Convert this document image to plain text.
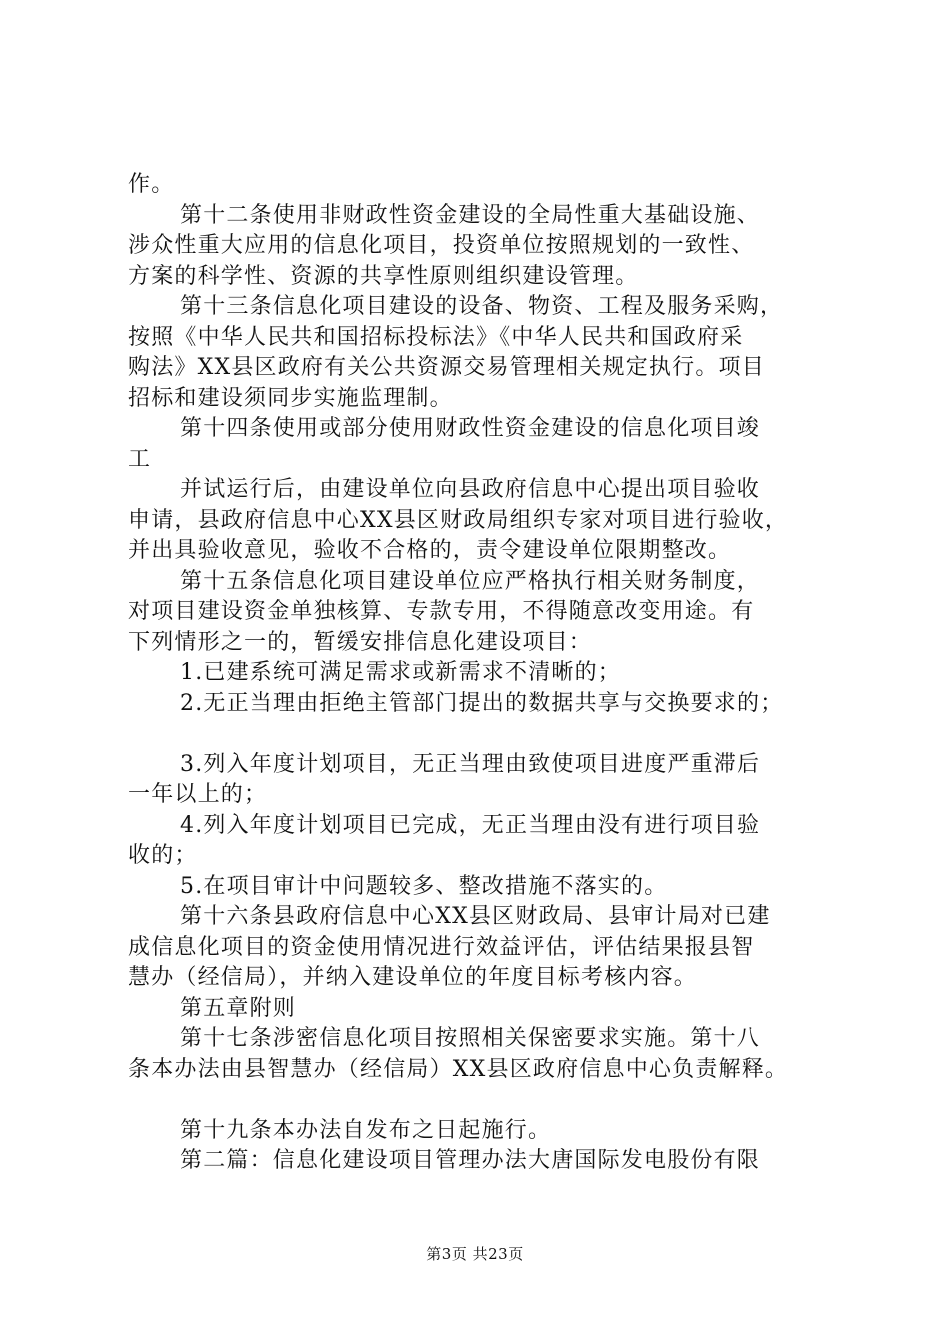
作。
第十二条使用非财政性资金建设的全局性重大基础设施、
涉众性重大应用的信息化项目，投资单位按照规划的一致性、
方案的科学性、资源的共享性原则组织建设管理。
第十三条信息化项目建设的设备、物资、工程及服务采购，
按照《中华人民共和国招标投标法》《中华人民共和国政府采
购法》XX县区政府有关公共资源交易管理相关规定执行。项目
招标和建设须同步实施监理制。
第十四条使用或部分使用财政性资金建设的信息化项目竣
工
并试运行后，由建设单位向县政府信息中心提出项目验收
申请，县政府信息中心XX县区财政局组织专家对项目进行验收，
并出具验收意见，验收不合格的，责令建设单位限期整改。
第十五条信息化项目建设单位应严格执行相关财务制度，
对项目建设资金单独核算、专款专用，不得随意改变用途。有
下列情形之一的，暂缓安排信息化建设项目：
1.已建系统可满足需求或新需求不清晰的；
2.无正当理由拒绝主管部门提出的数据共享与交换要求的；
3.列入年度计划项目，无正当理由致使项目进度严重滞后
一年以上的；
4.列入年度计划项目已完成，无正当理由没有进行项目验
收的；
5.在项目审计中问题较多、整改措施不落实的。
第十六条县政府信息中心XX县区财政局、县审计局对已建
成信息化项目的资金使用情况进行效益评估，评估结果报县智
慧办（经信局），并纳入建设单位的年度目标考核内容。
第五章附则
第十七条涉密信息化项目按照相关保密要求实施。第十八
条本办法由县智慧办（经信局）XX县区政府信息中心负责解释。
第十九条本办法自发布之日起施行。
第二篇：信息化建设项目管理办法大唐国际发电股份有限
第3页 共23页
